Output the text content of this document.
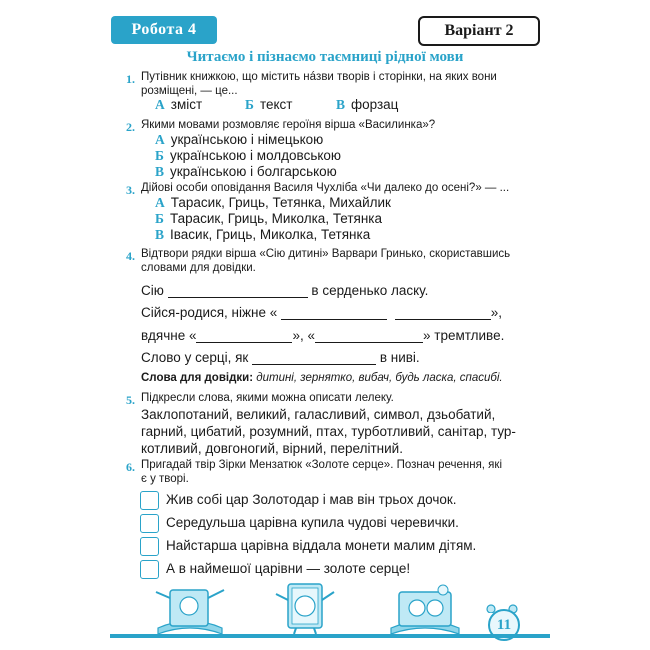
Робота 4	Варіант 2
Читаємо і пізнаємо таємниці рідної мови
1. Путівник книжкою, що містить нáзви творів і сторінки, на яких вони
розміщені, — це...
А зміст	Б текст	В форзац
2. Якими мовами розмовляє героїня вірша «Василинка»?
А українською і німецькою
Б українською і молдовською
В українською і болгарською
3. Дійові особи оповідання Василя Чухліба «Чи далеко до осені?» — ...
А Тарасик, Гриць, Тетянка, Михайлик
Б Тарасик, Гриць, Миколка, Тетянка
В Івасик, Гриць, Миколка, Тетянка
4. Відтвори рядки вірша «Сію дитині» Варвари Гринько, скориставшись
словами для довідки.
Сію	в серденько ласку.
Сійся-родися, ніжне «	»,
вдячне «	», «	» тремтливе.
Слово у серці, як	в ниві.
Слова для довідки: дитині, зернятко, вибач, будь ласка, спасибі.
5. Підкресли слова, якими можна описати лелеку.
Заклопотаний, великий, галасливий, символ, дзьобатий,
гарний, цибатий, розумний, птах, турботливий, санітар, тур-
котливий, довгоногий, вірний, перелітний.
6. Пригадай твір Зірки Мензатюк «Золоте серце». Познач речення, які
є у творі.
Жив собі цар Золотодар і мав він трьох дочок.
Середульша царівна купила чудові черевички.
Найстарша царівна віддала монети малим дітям.
А в наймешої царівни — золоте серце!
11
